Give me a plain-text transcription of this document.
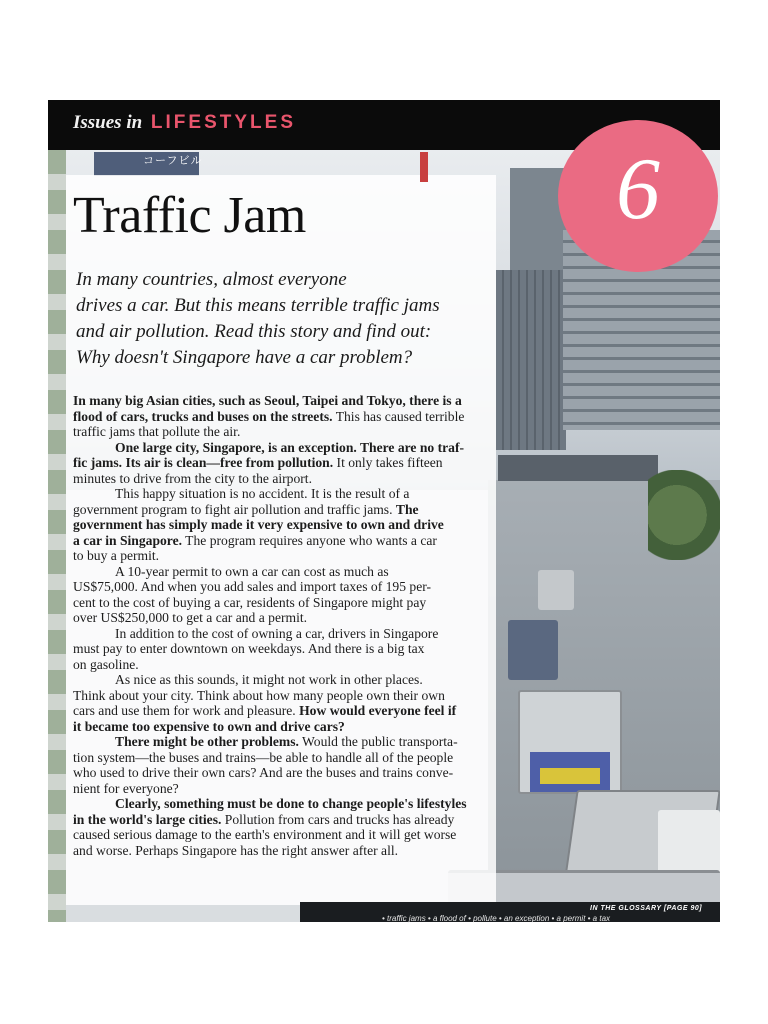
Issues in LIFESTYLES
コーフビル	6
Traffic Jam
In many countries, almost everyone
drives a car. But this means terrible traffic jams
and air pollution. Read this story and find out:
Why doesn't Singapore have a car problem?
In many big Asian cities, such as Seoul, Taipei and Tokyo, there is a
flood of cars, trucks and buses on the streets. This has caused terrible
traffic jams that pollute the air.
One large city, Singapore, is an exception. There are no traf-
fic jams. Its air is clean—free from pollution. It only takes fifteen
minutes to drive from the city to the airport.
This happy situation is no accident. It is the result of a
government program to fight air pollution and traffic jams. The
government has simply made it very expensive to own and drive
a car in Singapore. The program requires anyone who wants a car
to buy a permit.
A 10-year permit to own a car can cost as much as
US$75,000. And when you add sales and import taxes of 195 per-
cent to the cost of buying a car, residents of Singapore might pay
over US$250,000 to get a car and a permit.
In addition to the cost of owning a car, drivers in Singapore
must pay to enter downtown on weekdays. And there is a big tax
on gasoline.
As nice as this sounds, it might not work in other places.
Think about your city. Think about how many people own their own
cars and use them for work and pleasure. How would everyone feel if
it became too expensive to own and drive cars?
There might be other problems. Would the public transporta-
tion system—the buses and trains—be able to handle all of the people
who used to drive their own cars? And are the buses and trains conve-
nient for everyone?
Clearly, something must be done to change people's lifestyles
in the world's large cities. Pollution from cars and trucks has already
caused serious damage to the earth's environment and it will get worse
and worse. Perhaps Singapore has the right answer after all.
IN THE GLOSSARY [PAGE 90]
• traffic jams • a flood of • pollute • an exception • a permit • a tax
